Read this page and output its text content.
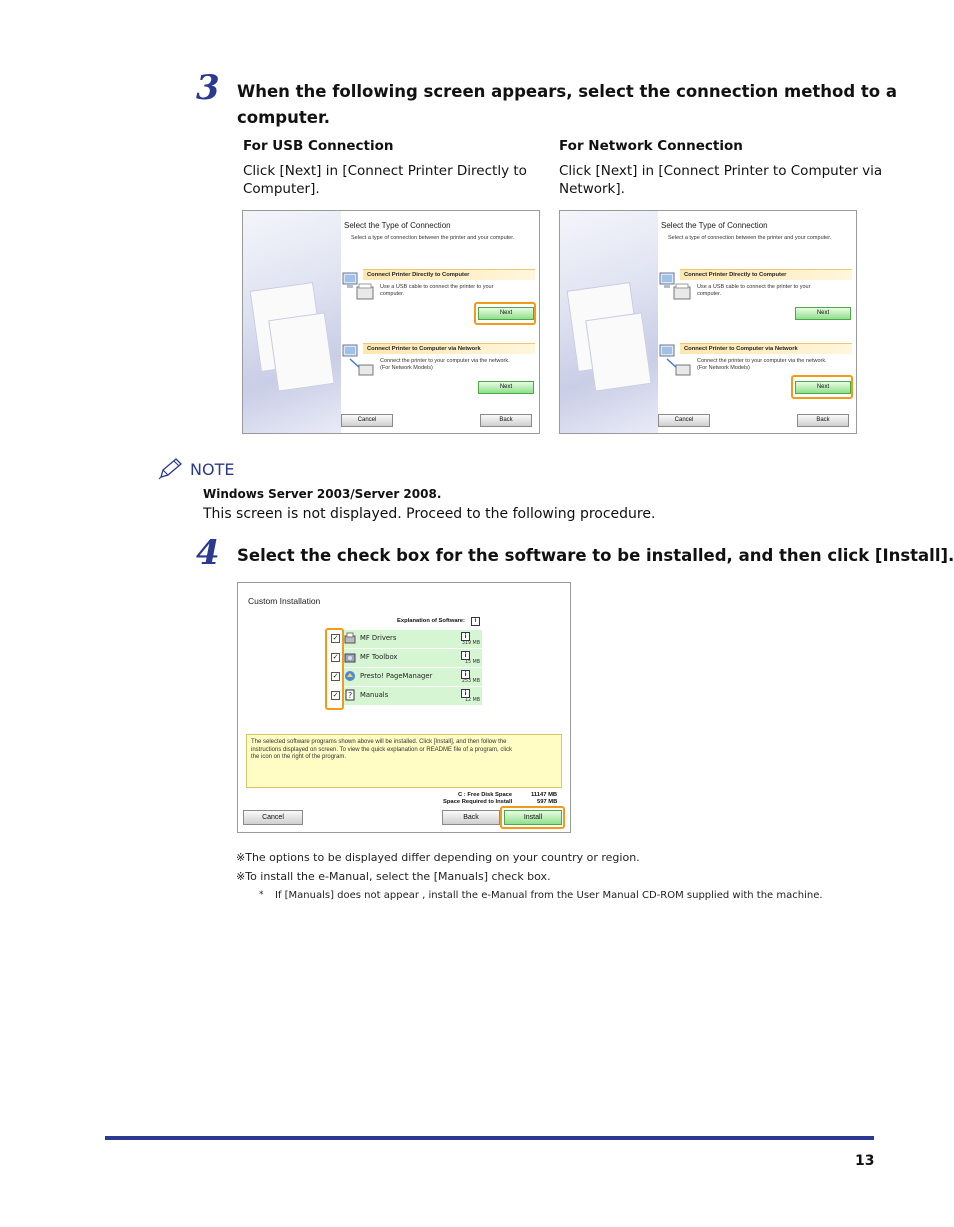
3 When the following screen appears, select the connection method to a
computer.
For USB Connection
Click [Next] in [Connect Printer Directly to
Computer].
For Network Connection
Click [Next] in [Connect Printer to Computer via
Network].
Select the Type of Connection
Select a type of connection between the printer and your computer.
Connect Printer Directly to Computer
Use a USB cable to connect the printer to your
computer.
Next
Connect Printer to Computer via Network
Connect the printer to your computer via the network.
(For Network Models)
Next
Cancel	Back
Select the Type of Connection
Select a type of connection between the printer and your computer.
Connect Printer Directly to Computer
Use a USB cable to connect the printer to your
computer.
Next
Connect Printer to Computer via Network
Connect the printer to your computer via the network.
(For Network Models)
Next
Cancel	Back
NOTE
Windows Server 2003/Server 2008.
This screen is not displayed. Proceed to the following procedure.
4 Select the check box for the software to be installed, and then click [Install].
Custom Installation
Explanation of Software:	i
✓	MF Drivers	i
319 MB
✓	MF Toolbox	i
15 MB
✓	Presto! PageManager	i
253 MB
✓ ? Manuals	i
12 MB
The selected software programs shown above will be installed. Click [Install], and then follow the
instructions displayed on screen. To view the quick explanation or README file of a program, click
the icon on the right of the program.
C : Free Disk Space	11147 MB
Space Required to Install	597 MB
Cancel	Back	Install
※The options to be displayed differ depending on your country or region.
※To install the e-Manual, select the [Manuals] check box.
* If [Manuals] does not appear , install the e-Manual from the User Manual CD-ROM supplied with the machine.
13
